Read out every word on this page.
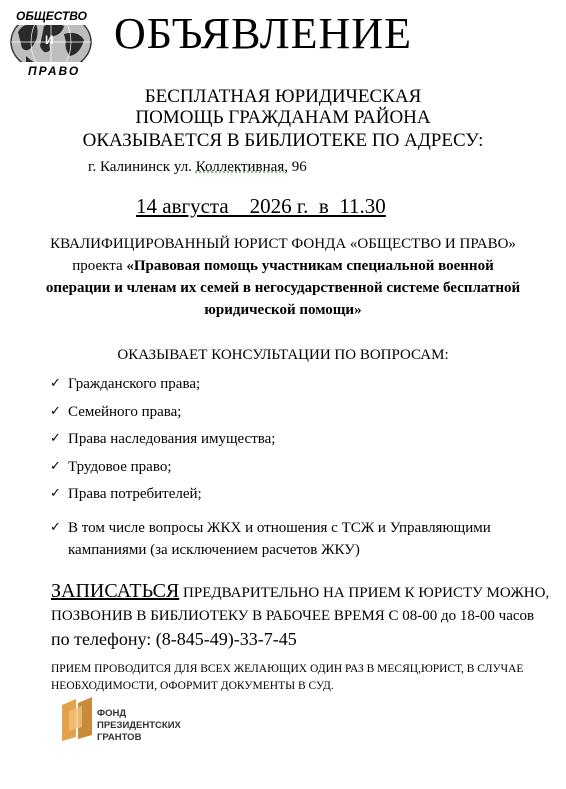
ОБЩЕСТВО
И
ПРАВО
ОБЪЯВЛЕНИЕ
БЕСПЛАТНАЯ ЮРИДИЧЕСКАЯ
ПОМОЩЬ ГРАЖДАНАМ РАЙОНА
ОКАЗЫВАЕТСЯ В БИБЛИОТЕКЕ ПО АДРЕСУ:
г. Калининск ул. Коллективная, 96
14 августа    2026 г.  в  11.30
КВАЛИФИЦИРОВАННЫЙ ЮРИСТ ФОНДА «ОБЩЕСТВО И ПРАВО» проекта «Правовая помощь участникам специальной военной операции и членам их семей в негосударственной системе бесплатной юридической помощи»
ОКАЗЫВАЕТ КОНСУЛЬТАЦИИ ПО ВОПРОСАМ:
✓ Гражданского права;
✓ Семейного права;
✓ Права наследования имущества;
✓ Трудовое право;
✓ Права потребителей;
✓ В том числе вопросы ЖКХ и отношения с ТСЖ и Управляющими кампаниями (за исключением расчетов ЖКУ)
ЗАПИСАТЬСЯ ПРЕДВАРИТЕЛЬНО НА ПРИЕМ К ЮРИСТУ МОЖНО, ПОЗВОНИВ В БИБЛИОТЕКУ В РАБОЧЕЕ ВРЕМЯ С 08-00 до 18-00 часов по телефону: (8-845-49)-33-7-45
ПРИЕМ ПРОВОДИТСЯ ДЛЯ ВСЕХ ЖЕЛАЮЩИХ ОДИН РАЗ В МЕСЯЦ,ЮРИСТ, В СЛУЧАЕ НЕОБХОДИМОСТИ, ОФОРМИТ ДОКУМЕНТЫ В СУД.
ФОНД
ПРЕЗИДЕНТСКИХ
ГРАНТОВ
